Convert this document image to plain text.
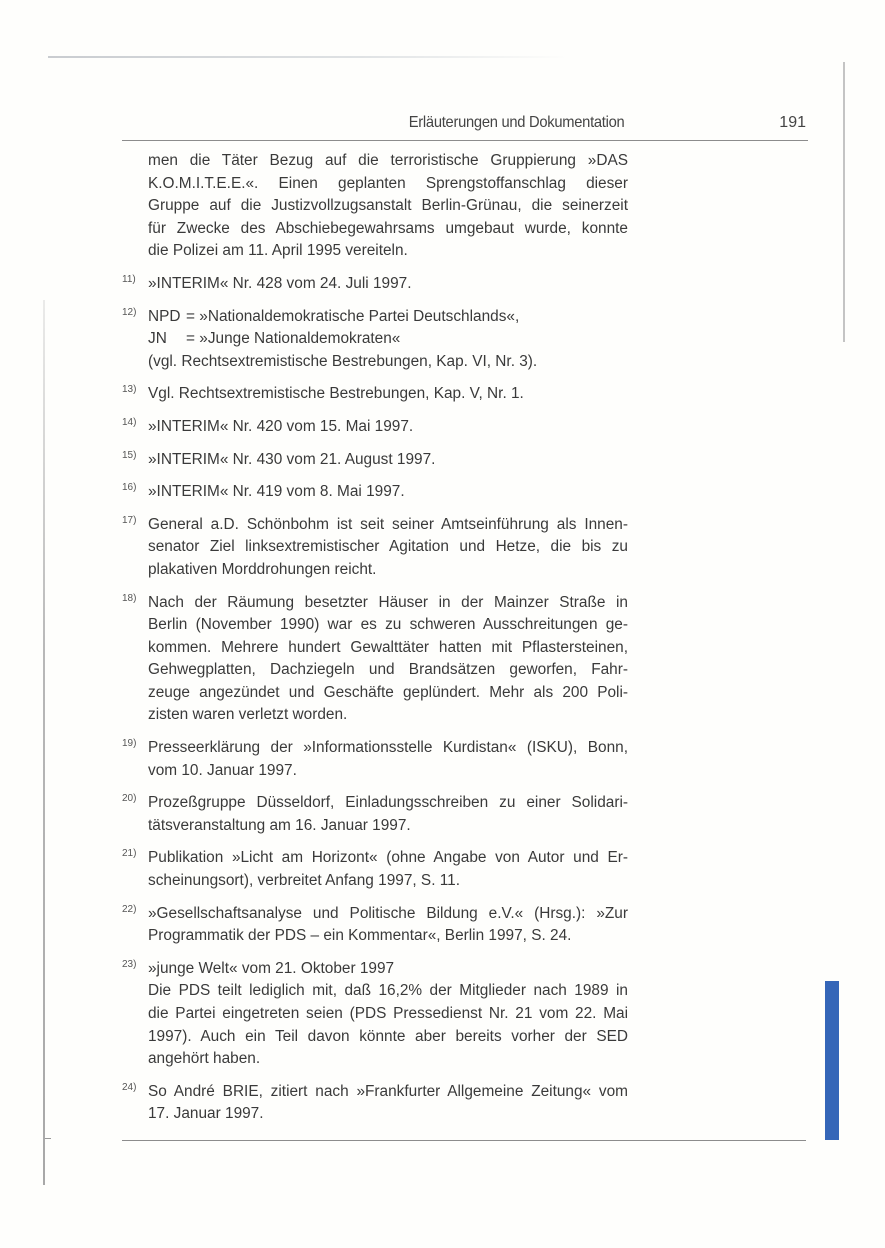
Erläuterungen und Dokumentation	191
men die Täter Bezug auf die terroristische Gruppierung »DAS
K.O.M.I.T.E.E.«. Einen geplanten Sprengstoffanschlag dieser
Gruppe auf die Justizvollzugsanstalt Berlin-Grünau, die seinerzeit
für Zwecke des Abschiebegewahrsams umgebaut wurde, konnte
die Polizei am 11. April 1995 vereiteln.
11) »INTERIM« Nr. 428 vom 24. Juli 1997.
12) NPD = »Nationaldemokratische Partei Deutschlands«,
JN	= »Junge Nationaldemokraten«
(vgl. Rechtsextremistische Bestrebungen, Kap. VI, Nr. 3).
13) Vgl. Rechtsextremistische Bestrebungen, Kap. V, Nr. 1.
14) »INTERIM« Nr. 420 vom 15. Mai 1997.
15) »INTERIM« Nr. 430 vom 21. August 1997.
16) »INTERIM« Nr. 419 vom 8. Mai 1997.
17) General a.D. Schönbohm ist seit seiner Amtseinführung als Innen-
senator Ziel linksextremistischer Agitation und Hetze, die bis zu
plakativen Morddrohungen reicht.
18) Nach der Räumung besetzter Häuser in der Mainzer Straße in
Berlin (November 1990) war es zu schweren Ausschreitungen ge-
kommen. Mehrere hundert Gewalttäter hatten mit Pflastersteinen,
Gehwegplatten, Dachziegeln und Brandsätzen geworfen, Fahr-
zeuge angezündet und Geschäfte geplündert. Mehr als 200 Poli-
zisten waren verletzt worden.
19) Presseerklärung der »Informationsstelle Kurdistan« (ISKU), Bonn,
vom 10. Januar 1997.
20) Prozeßgruppe Düsseldorf, Einladungsschreiben zu einer Solidari-
tätsveranstaltung am 16. Januar 1997.
21) Publikation »Licht am Horizont« (ohne Angabe von Autor und Er-
scheinungsort), verbreitet Anfang 1997, S. 11.
22) »Gesellschaftsanalyse und Politische Bildung e.V.« (Hrsg.): »Zur
Programmatik der PDS – ein Kommentar«, Berlin 1997, S. 24.
23) »junge Welt« vom 21. Oktober 1997
Die PDS teilt lediglich mit, daß 16,2% der Mitglieder nach 1989 in
die Partei eingetreten seien (PDS Pressedienst Nr. 21 vom 22. Mai
1997). Auch ein Teil davon könnte aber bereits vorher der SED
angehört haben.
24) So André BRIE, zitiert nach »Frankfurter Allgemeine Zeitung« vom
17. Januar 1997.
